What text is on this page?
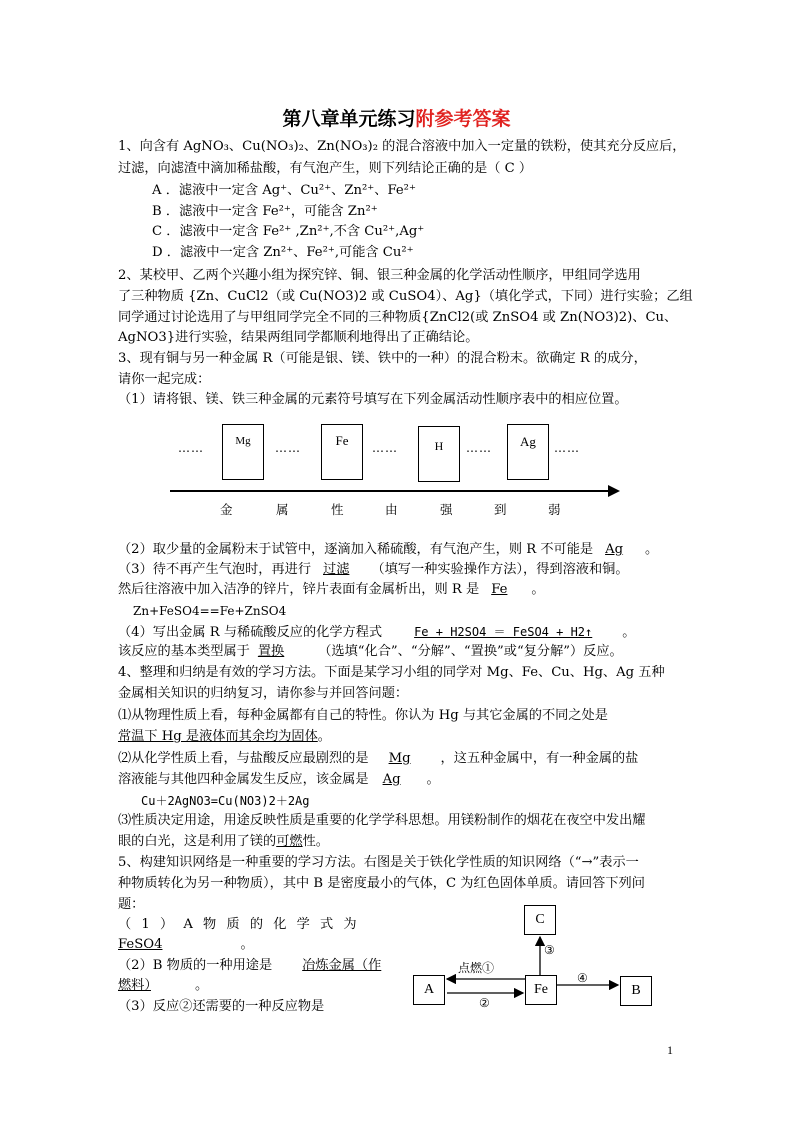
第八章单元练习附参考答案
1、向含有 AgNO₃、Cu(NO₃)₂、Zn(NO₃)₂ 的混合溶液中加入一定量的铁粉，使其充分反应后，
过滤，向滤渣中滴加稀盐酸，有气泡产生，则下列结论正确的是（ C ）
A ．滤液中一定含 Ag⁺、Cu²⁺、Zn²⁺、Fe²⁺
B ．滤液中一定含 Fe²⁺，可能含 Zn²⁺
C ．滤液中一定含 Fe²⁺ ,Zn²⁺,不含 Cu²⁺,Ag⁺
D ．滤液中一定含 Zn²⁺、Fe²⁺,可能含 Cu²⁺
2、某校甲、乙两个兴趣小组为探究锌、铜、银三种金属的化学活动性顺序，甲组同学选用
了三种物质 {Zn、CuCl2（或 Cu(NO3)2 或 CuSO4）、Ag}（填化学式，下同）进行实验；乙组
同学通过讨论选用了与甲组同学完全不同的三种物质{ZnCl2(或 ZnSO4 或 Zn(NO3)2)、Cu、
AgNO3}进行实验，结果两组同学都顺利地得出了正确结论。
3、现有铜与另一种金属 R（可能是银、镁、铁中的一种）的混合粉末。欲确定 R 的成分，
请你一起完成：
（1）请将银、镁、铁三种金属的元素符号填写在下列金属活动性顺序表中的相应位置。
……	Mg	……	Fe	……	H	……	Ag	……
金	属	性	由	强	到	弱
（2）取少量的金属粉末于试管中，逐滴加入稀硫酸，有气泡产生，则 R 不可能是 Ag 。
（3）待不再产生气泡时，再进行 过滤 （填写一种实验操作方法），得到溶液和铜。
然后往溶液中加入洁净的锌片，锌片表面有金属析出，则 R 是 Fe 。
Zn+FeSO4==Fe+ZnSO4
（4）写出金属 R 与稀硫酸反应的化学方程式	Fe + H2SO4 ＝ FeSO4 + H2↑ 。
该反应的基本类型属于 置换	（选填“化合”、“分解”、“置换”或“复分解”）反应。
4、整理和归纳是有效的学习方法。下面是某学习小组的同学对 Mg、Fe、Cu、Hg、Ag 五种
金属相关知识的归纳复习，请你参与并回答问题：
⑴从物理性质上看，每种金属都有自己的特性。你认为 Hg 与其它金属的不同之处是
常温下 Hg 是液体而其余均为固体。
⑵从化学性质上看，与盐酸反应最剧烈的是 Mg ，这五种金属中，有一种金属的盐
溶液能与其他四种金属发生反应，该金属是 Ag 。
Cu＋2AgNO3=Cu(NO3)2＋2Ag
⑶性质决定用途，用途反映性质是重要的化学学科思想。用镁粉制作的烟花在夜空中发出耀
眼的白光，这是利用了镁的可燃性。
5、构建知识网络是一种重要的学习方法。右图是关于铁化学性质的知识网络（“→”表示一
种物质转化为另一种物质），其中 B 是密度最小的气体，C 为红色固体单质。请回答下列问
题：
（ 1 ） A 物 质 的 化 学 式 为
FeSO4	。
（2）B 物质的一种用途是 冶炼金属（作
燃料）	。
（3）反应②还需要的一种反应物是
C
A	Fe	B
③
点燃①
②
④
1
